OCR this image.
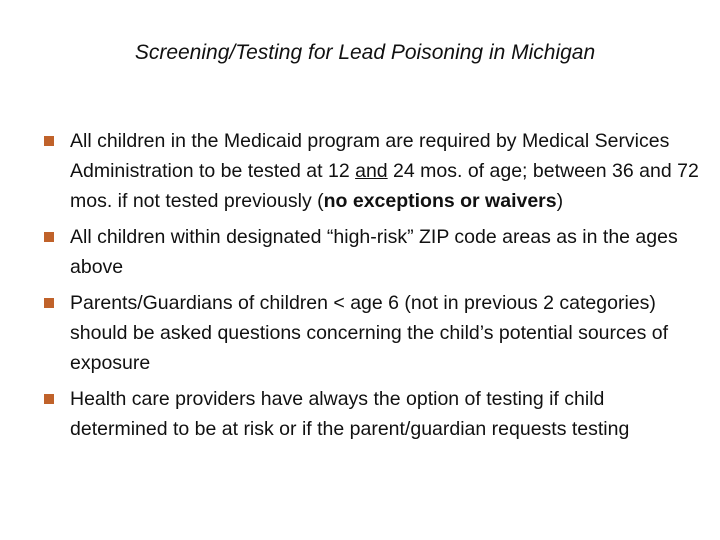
Screening/Testing for Lead Poisoning in Michigan
All children in the Medicaid program are required by Medical Services Administration to be tested at 12 and 24 mos. of age; between 36 and 72 mos. if not tested previously (no exceptions or waivers)
All children within designated “high-risk” ZIP code areas as in the ages above
Parents/Guardians of children < age 6 (not in previous 2 categories) should be asked questions concerning the child’s potential sources of exposure
Health care providers have always the option of testing if child determined to be at risk or if the parent/guardian requests testing
